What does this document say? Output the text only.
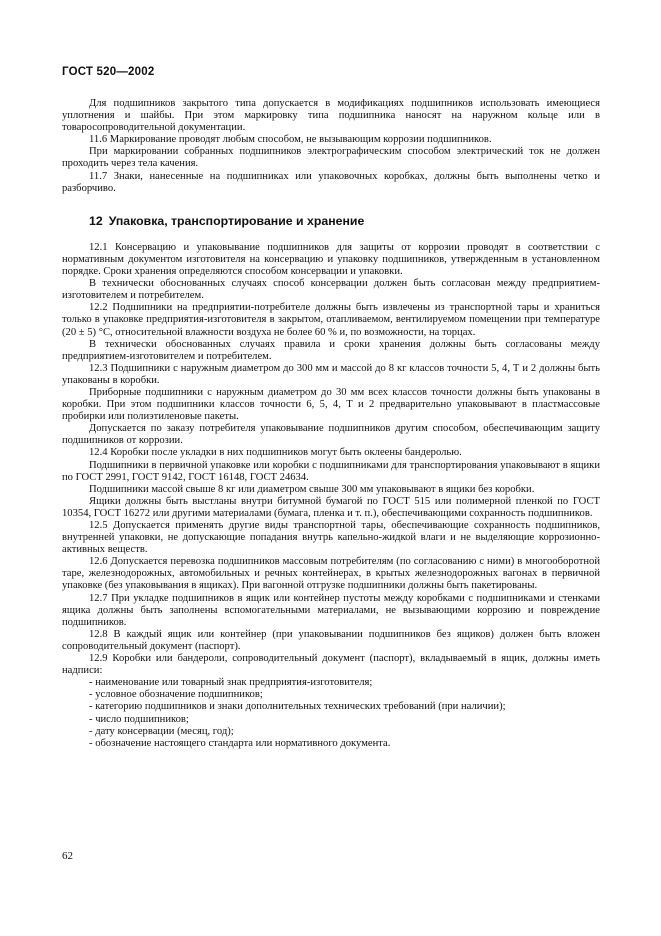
ГОСТ 520—2002

Для подшипников закрытого типа допускается в модификациях подшипников использовать имеющиеся уплотнения и шайбы. При этом маркировку типа подшипника наносят на наружном кольце или в товаросопроводительной документации.

11.6 Маркирование проводят любым способом, не вызывающим коррозии подшипников.

При маркировании собранных подшипников электрографическим способом электрический ток не должен проходить через тела качения.

11.7 Знаки, нанесенные на подшипниках или упаковочных коробках, должны быть выполнены четко и разборчиво.

12 Упаковка, транспортирование и хранение

12.1 Консервацию и упаковывание подшипников для защиты от коррозии проводят в соответствии с нормативным документом изготовителя на консервацию и упаковку подшипников, утвержденным в установленном порядке. Сроки хранения определяются способом консервации и упаковки.

В технически обоснованных случаях способ консервации должен быть согласован между предприятием-изготовителем и потребителем.

12.2 Подшипники на предприятии-потребителе должны быть извлечены из транспортной тары и храниться только в упаковке предприятия-изготовителя в закрытом, отапливаемом, вентилируемом помещении при температуре (20 ± 5) °С, относительной влажности воздуха не более 60 % и, по возможности, на торцах.

В технически обоснованных случаях правила и сроки хранения должны быть согласованы между предприятием-изготовителем и потребителем.

12.3 Подшипники с наружным диаметром до 300 мм и массой до 8 кг классов точности 5, 4, Т и 2 должны быть упакованы в коробки.

Приборные подшипники с наружным диаметром до 30 мм всех классов точности должны быть упакованы в коробки. При этом подшипники классов точности 6, 5, 4, Т и 2 предварительно упаковывают в пластмассовые пробирки или полиэтиленовые пакеты.

Допускается по заказу потребителя упаковывание подшипников другим способом, обеспечивающим защиту подшипников от коррозии.

12.4 Коробки после укладки в них подшипников могут быть оклеены бандеролью.

Подшипники в первичной упаковке или коробки с подшипниками для транспортирования упаковывают в ящики по ГОСТ 2991, ГОСТ 9142, ГОСТ 16148, ГОСТ 24634.

Подшипники массой свыше 8 кг или диаметром свыше 300 мм упаковывают в ящики без коробки.

Ящики должны быть выстланы внутри битумной бумагой по ГОСТ 515 или полимерной пленкой по ГОСТ 10354, ГОСТ 16272 или другими материалами (бумага, пленка и т. п.), обеспечивающими сохранность подшипников.

12.5 Допускается применять другие виды транспортной тары, обеспечивающие сохранность подшипников, внутренней упаковки, не допускающие попадания внутрь капельно-жидкой влаги и не выделяющие коррозионно-активных веществ.

12.6 Допускается перевозка подшипников массовым потребителям (по согласованию с ними) в многооборотной таре, железнодорожных, автомобильных и речных контейнерах, в крытых железнодорожных вагонах в первичной упаковке (без упаковывания в ящиках). При вагонной отгрузке подшипники должны быть пакетированы.

12.7 При укладке подшипников в ящик или контейнер пустоты между коробками с подшипниками и стенками ящика должны быть заполнены вспомогательными материалами, не вызывающими коррозию и повреждение подшипников.

12.8 В каждый ящик или контейнер (при упаковывании подшипников без ящиков) должен быть вложен сопроводительный документ (паспорт).

12.9 Коробки или бандероли, сопроводительный документ (паспорт), вкладываемый в ящик, должны иметь надписи:

- наименование или товарный знак предприятия-изготовителя;
- условное обозначение подшипников;
- категорию подшипников и знаки дополнительных технических требований (при наличии);
- число подшипников;
- дату консервации (месяц, год);
- обозначение настоящего стандарта или нормативного документа.
62
